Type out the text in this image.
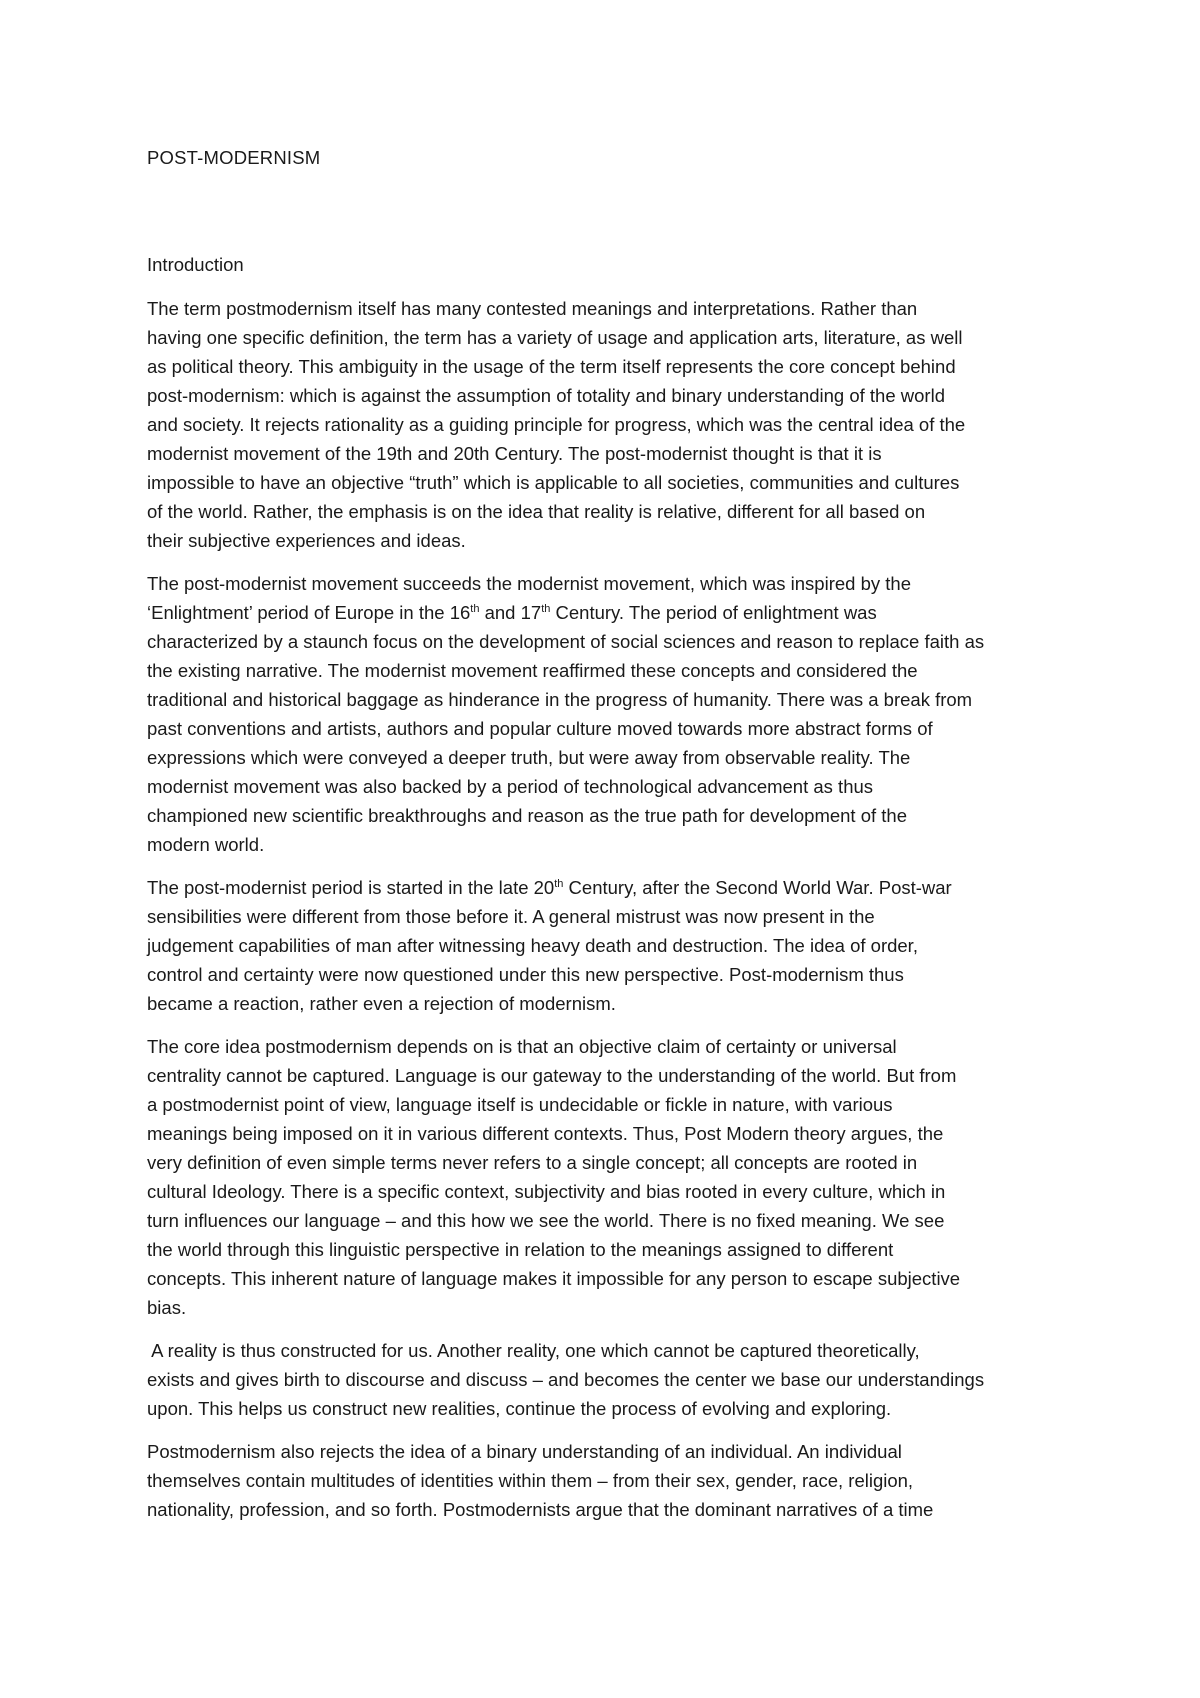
POST-MODERNISM

Introduction

The term postmodernism itself has many contested meanings and interpretations. Rather than
having one specific definition, the term has a variety of usage and application arts, literature, as well
as political theory. This ambiguity in the usage of the term itself represents the core concept behind
post-modernism: which is against the assumption of totality and binary understanding of the world
and society. It rejects rationality as a guiding principle for progress, which was the central idea of the
modernist movement of the 19th and 20th Century. The post-modernist thought is that it is
impossible to have an objective “truth” which is applicable to all societies, communities and cultures
of the world. Rather, the emphasis is on the idea that reality is relative, different for all based on
their subjective experiences and ideas.

The post-modernist movement succeeds the modernist movement, which was inspired by the
‘Enlightment’ period of Europe in the 16th and 17th Century. The period of enlightment was
characterized by a staunch focus on the development of social sciences and reason to replace faith as
the existing narrative. The modernist movement reaffirmed these concepts and considered the
traditional and historical baggage as hinderance in the progress of humanity. There was a break from
past conventions and artists, authors and popular culture moved towards more abstract forms of
expressions which were conveyed a deeper truth, but were away from observable reality. The
modernist movement was also backed by a period of technological advancement as thus
championed new scientific breakthroughs and reason as the true path for development of the
modern world.

The post-modernist period is started in the late 20th Century, after the Second World War. Post-war
sensibilities were different from those before it. A general mistrust was now present in the
judgement capabilities of man after witnessing heavy death and destruction. The idea of order,
control and certainty were now questioned under this new perspective. Post-modernism thus
became a reaction, rather even a rejection of modernism.

The core idea postmodernism depends on is that an objective claim of certainty or universal
centrality cannot be captured. Language is our gateway to the understanding of the world. But from
a postmodernist point of view, language itself is undecidable or fickle in nature, with various
meanings being imposed on it in various different contexts. Thus, Post Modern theory argues, the
very definition of even simple terms never refers to a single concept; all concepts are rooted in
cultural Ideology. There is a specific context, subjectivity and bias rooted in every culture, which in
turn influences our language – and this how we see the world. There is no fixed meaning. We see
the world through this linguistic perspective in relation to the meanings assigned to different
concepts. This inherent nature of language makes it impossible for any person to escape subjective
bias.

A reality is thus constructed for us. Another reality, one which cannot be captured theoretically,
exists and gives birth to discourse and discuss – and becomes the center we base our understandings
upon. This helps us construct new realities, continue the process of evolving and exploring.

Postmodernism also rejects the idea of a binary understanding of an individual. An individual
themselves contain multitudes of identities within them – from their sex, gender, race, religion,
nationality, profession, and so forth. Postmodernists argue that the dominant narratives of a time
